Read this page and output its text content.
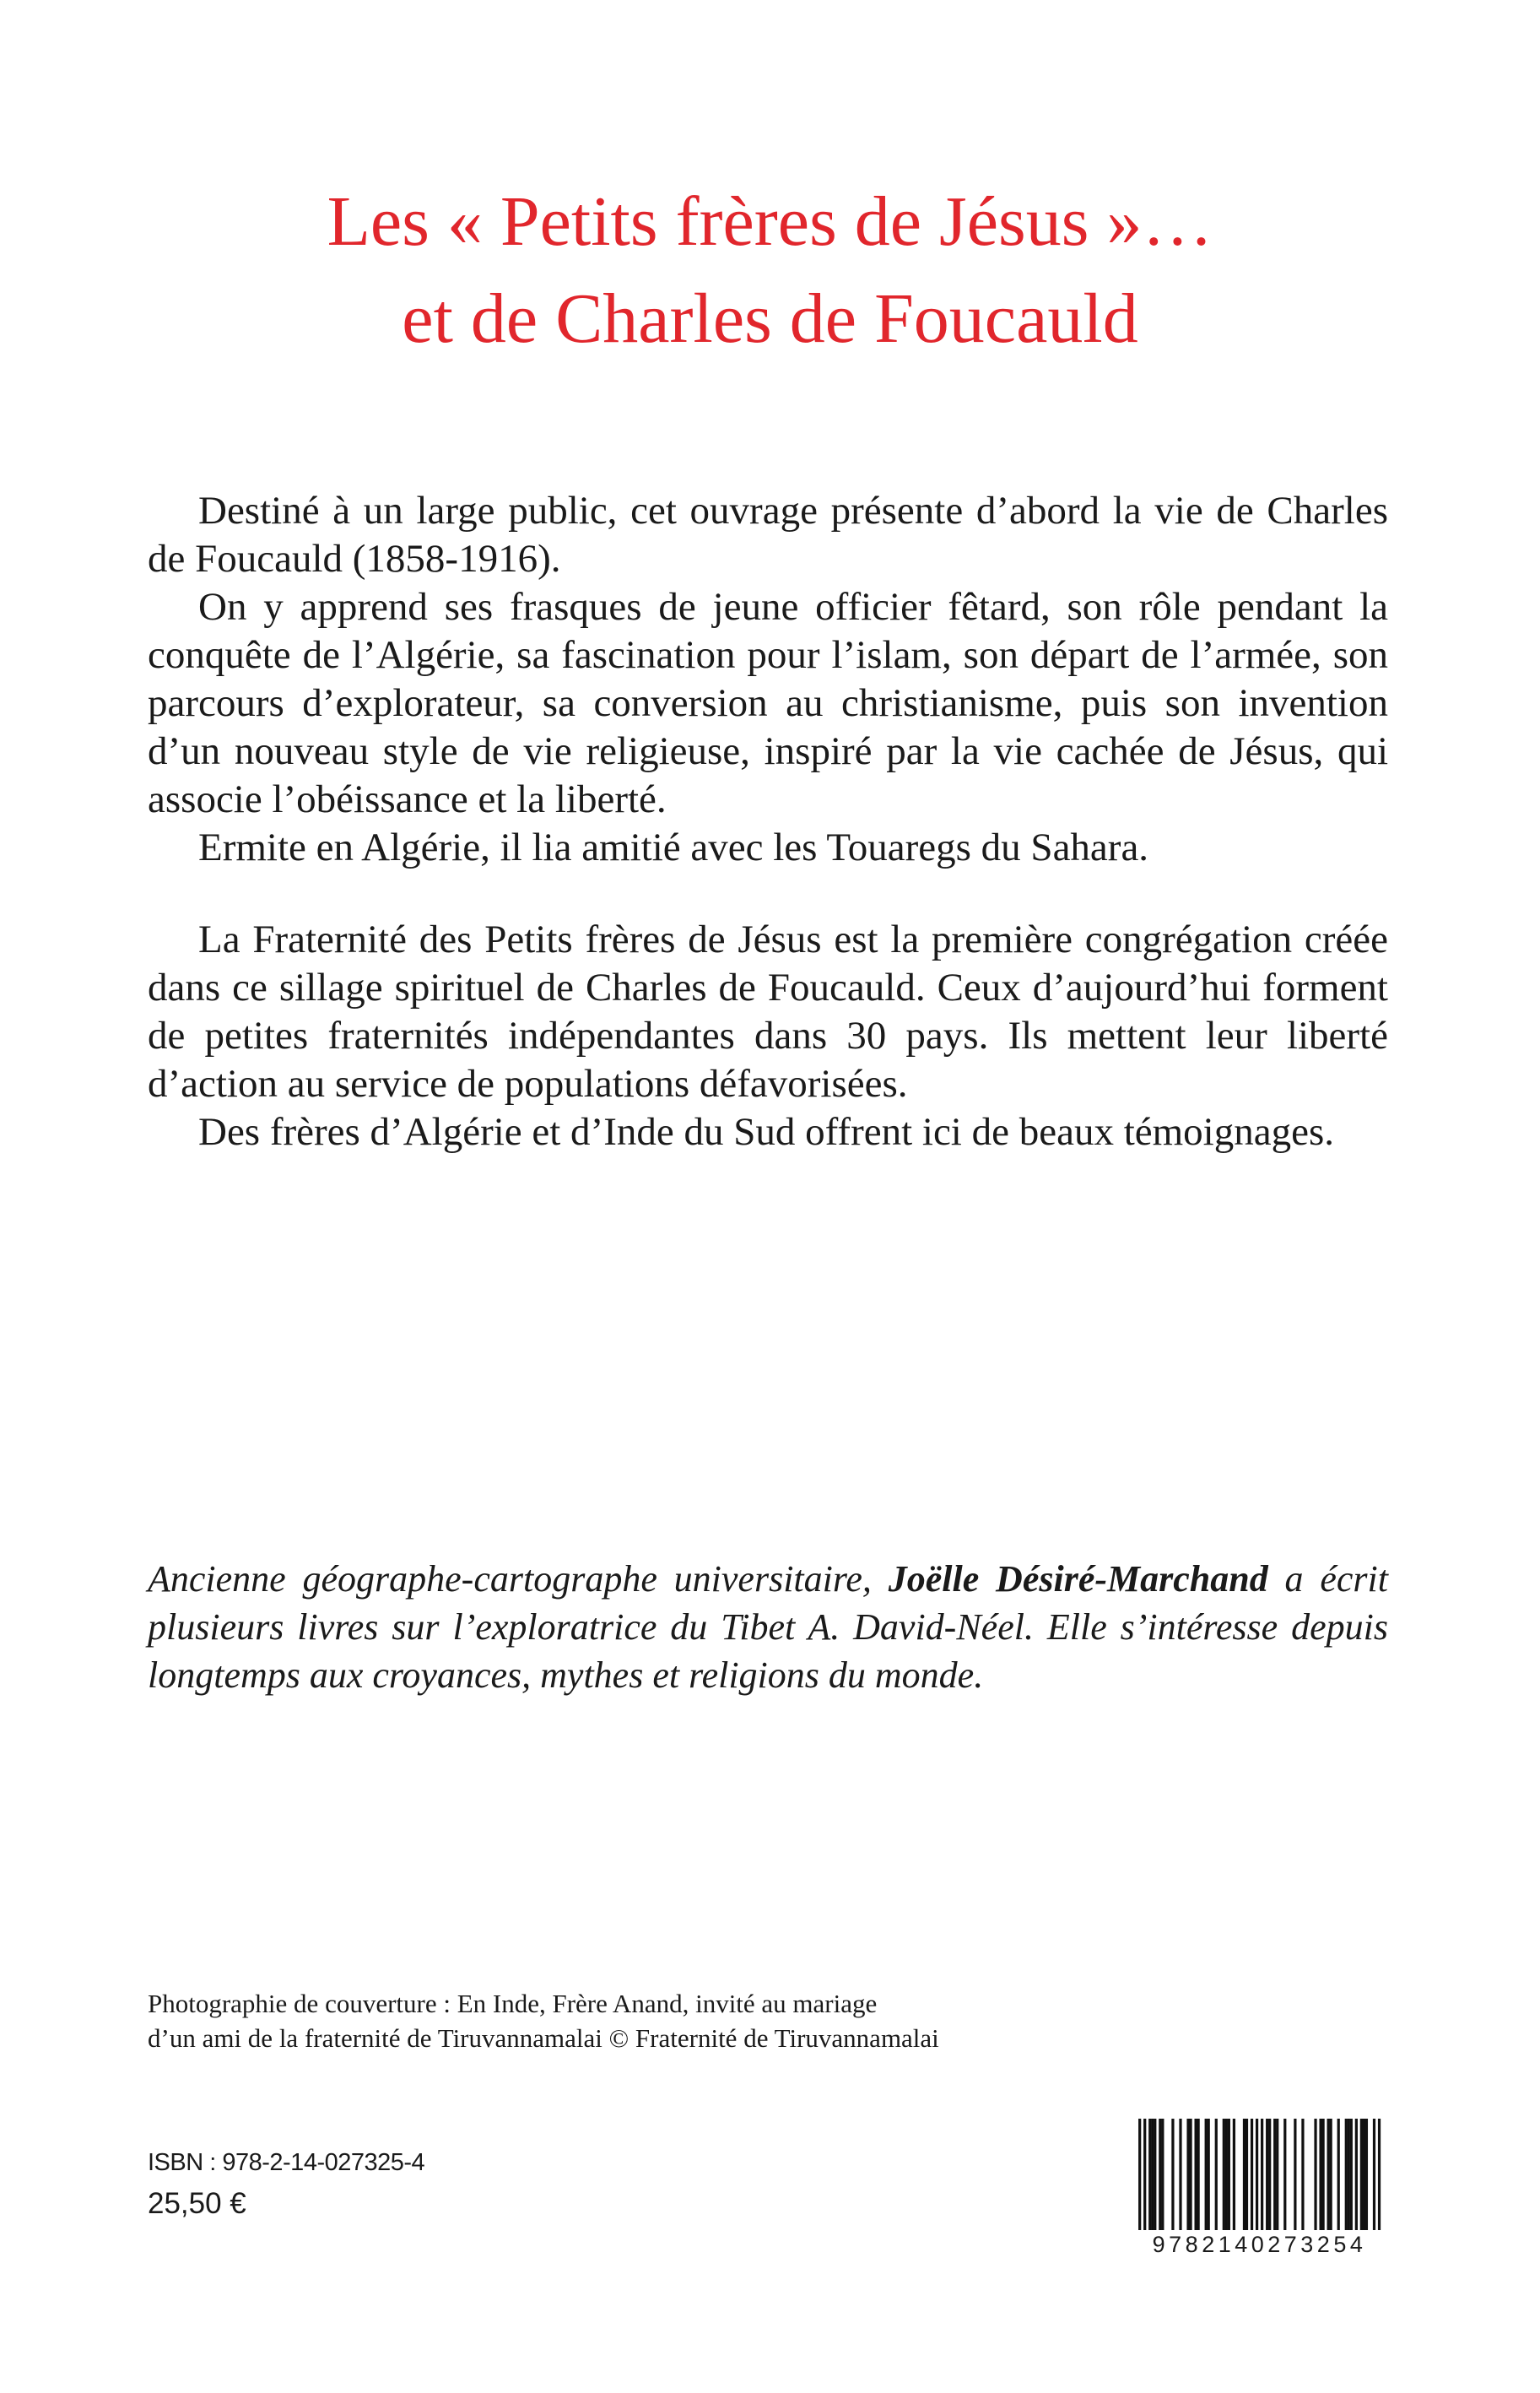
Les « Petits frères de Jésus »…
et de Charles de Foucauld

Destiné à un large public, cet ouvrage présente d’abord la vie de Charles de Foucauld (1858-1916).

On y apprend ses frasques de jeune officier fêtard, son rôle pendant la conquête de l’Algérie, sa fascination pour l’islam, son départ de l’armée, son parcours d’explorateur, sa conversion au christianisme, puis son invention d’un nouveau style de vie religieuse, inspiré par la vie cachée de Jésus, qui associe l’obéissance et la liberté.

Ermite en Algérie, il lia amitié avec les Touaregs du Sahara.

La Fraternité des Petits frères de Jésus est la première congrégation créée dans ce sillage spirituel de Charles de Foucauld. Ceux d’aujourd’hui forment de petites fraternités indépendantes dans 30 pays. Ils mettent leur liberté d’action au service de populations défavorisées.

Des frères d’Algérie et d’Inde du Sud offrent ici de beaux témoignages.

Ancienne géographe-cartographe universitaire, Joëlle Désiré-Marchand a écrit plusieurs livres sur l’exploratrice du Tibet A. David-Néel. Elle s’intéresse depuis longtemps aux croyances, mythes et religions du monde.

Photographie de couverture : En Inde, Frère Anand, invité au mariage
d’un ami de la fraternité de Tiruvannamalai © Fraternité de Tiruvannamalai
ISBN : 978-2-14-027325-4
25,50 €
9782140273254
